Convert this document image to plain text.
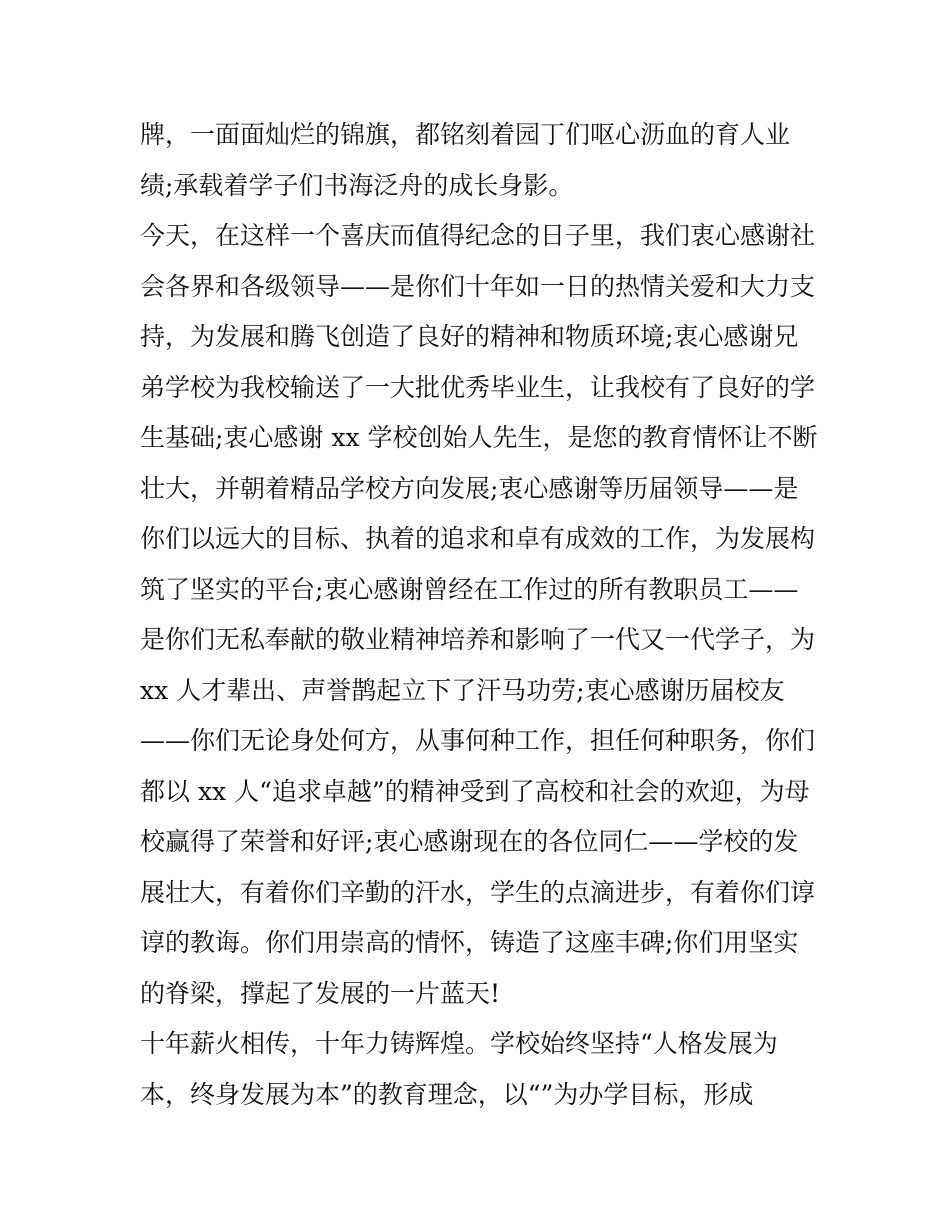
牌，一面面灿烂的锦旗，都铭刻着园丁们呕心沥血的育人业
绩;承载着学子们书海泛舟的成长身影。
今天，在这样一个喜庆而值得纪念的日子里，我们衷心感谢社
会各界和各级领导——是你们十年如一日的热情关爱和大力支
持，为发展和腾飞创造了良好的精神和物质环境;衷心感谢兄
弟学校为我校输送了一大批优秀毕业生，让我校有了良好的学
生基础;衷心感谢 xx 学校创始人先生，是您的教育情怀让不断
壮大，并朝着精品学校方向发展;衷心感谢等历届领导——是
你们以远大的目标、执着的追求和卓有成效的工作，为发展构
筑了坚实的平台;衷心感谢曾经在工作过的所有教职员工——
是你们无私奉献的敬业精神培养和影响了一代又一代学子，为
xx 人才辈出、声誉鹊起立下了汗马功劳;衷心感谢历届校友
——你们无论身处何方，从事何种工作，担任何种职务，你们
都以 xx 人“追求卓越”的精神受到了高校和社会的欢迎，为母
校赢得了荣誉和好评;衷心感谢现在的各位同仁——学校的发
展壮大，有着你们辛勤的汗水，学生的点滴进步，有着你们谆
谆的教诲。你们用崇高的情怀，铸造了这座丰碑;你们用坚实
的脊梁，撑起了发展的一片蓝天!
十年薪火相传，十年力铸辉煌。学校始终坚持“人格发展为
本，终身发展为本”的教育理念，以“”为办学目标，形成
